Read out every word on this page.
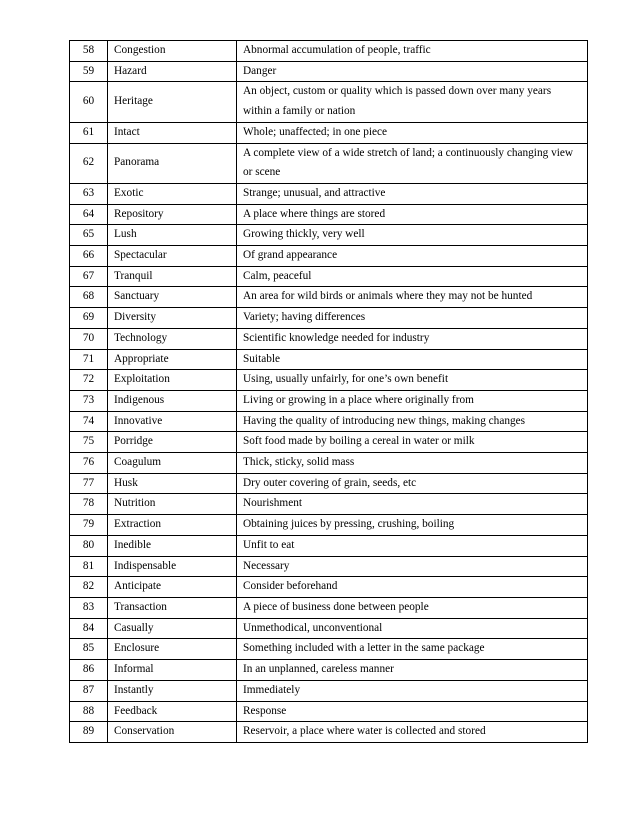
58	Congestion	Abnormal accumulation of people, traffic
59	Hazard	Danger
60	Heritage	An object, custom or quality which is passed down over many years within a family or nation
61	Intact	Whole; unaffected; in one piece
62	Panorama	A complete view of a wide stretch of land; a continuously changing view or scene
63	Exotic	Strange; unusual, and attractive
64	Repository	A place where things are stored
65	Lush	Growing thickly, very well
66	Spectacular	Of grand appearance
67	Tranquil	Calm, peaceful
68	Sanctuary	An area for wild birds or animals where they may not be hunted
69	Diversity	Variety; having differences
70	Technology	Scientific knowledge needed for industry
71	Appropriate	Suitable
72	Exploitation	Using, usually unfairly, for one’s own benefit
73	Indigenous	Living or growing in a place where originally from
74	Innovative	Having the quality of introducing new things, making changes
75	Porridge	Soft food made by boiling a cereal in water or milk
76	Coagulum	Thick, sticky, solid mass
77	Husk	Dry outer covering of grain, seeds, etc
78	Nutrition	Nourishment
79	Extraction	Obtaining juices by pressing, crushing, boiling
80	Inedible	Unfit to eat
81	Indispensable	Necessary
82	Anticipate	Consider beforehand
83	Transaction	A piece of business done between people
84	Casually	Unmethodical, unconventional
85	Enclosure	Something included with a letter in the same package
86	Informal	In an unplanned, careless manner
87	Instantly	Immediately
88	Feedback	Response
89	Conservation	Reservoir, a place where water is collected and stored
